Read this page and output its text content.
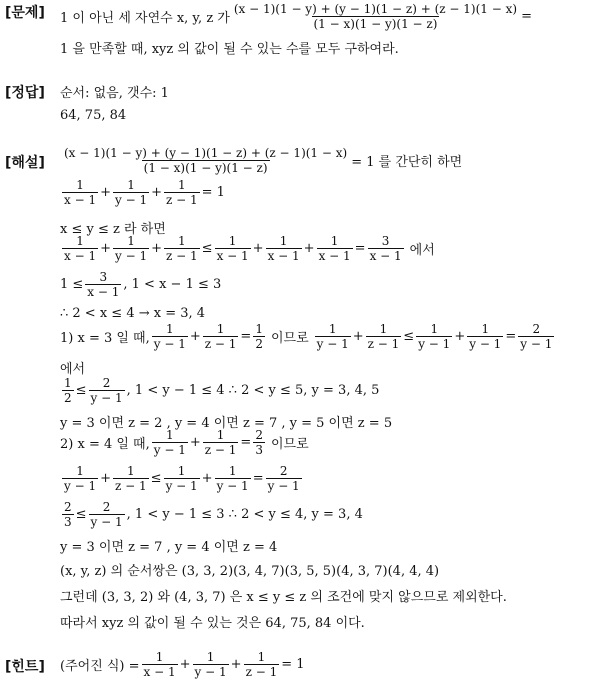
[문제] 1 이 아닌 세 자연수 x, y, z 가 $\frac{(x - 1)(1 - y) + (y - 1)(1 - z) + (z - 1)(1 - x)}{(1 - x)(1 - y)(1 - z)}$ =
1 을 만족할 때, xyz 의 값이 될 수 있는 수를 모두 구하여라.
[정답] 순서: 없음, 갯수: 1
64, 75, 84
[해설] $\frac{(x - 1)(1 - y) + (y - 1)(1 - z) + (z - 1)(1 - x)}{(1 - x)(1 - y)(1 - z)} = 1$ 를 간단히 하면
$\frac{1}{x - 1} + \frac{1}{y - 1} + \frac{1}{z - 1} = 1$
x ≤ y ≤ z 라 하면
$\frac{1}{x - 1} + \frac{1}{y - 1} + \frac{1}{z - 1} \le \frac{1}{x - 1} + \frac{1}{x - 1} + \frac{1}{x - 1} = \frac{3}{x - 1}$ 에서
$1 \le \frac{3}{x - 1}$ , 1 < x − 1 ≤ 3
∴ 2 < x ≤ 4 → x = 3, 4
1) x = 3 일 때, $\frac{1}{y - 1} + \frac{1}{z - 1} = \frac{1}{2}$ 이므로 $\frac{1}{y - 1} + \frac{1}{z - 1} \le \frac{1}{y - 1} + \frac{1}{y - 1} = \frac{2}{y - 1}$
에서
$\frac{1}{2} \le \frac{2}{y - 1}$ , 1 < y − 1 ≤ 4 ∴ 2 < y ≤ 5, y = 3, 4, 5
y = 3 이면 z = 2 , y = 4 이면 z = 7 , y = 5 이면 z = 5
2) x = 4 일 때, $\frac{1}{y - 1} + \frac{1}{z - 1} = \frac{2}{3}$ 이므로
$\frac{1}{y - 1} + \frac{1}{z - 1} \le \frac{1}{y - 1} + \frac{1}{y - 1} = \frac{2}{y - 1}$
$\frac{2}{3} \le \frac{2}{y - 1}$ , 1 < y − 1 ≤ 3 ∴ 2 < y ≤ 4, y = 3, 4
y = 3 이면 z = 7 , y = 4 이면 z = 4
(x, y, z) 의 순서쌍은 (3, 3, 2)(3, 4, 7)(3, 5, 5)(4, 3, 7)(4, 4, 4)
그런데 (3, 3, 2) 와 (4, 3, 7) 은 x ≤ y ≤ z 의 조건에 맞지 않으므로 제외한다.
따라서 xyz 의 값이 될 수 있는 것은 64, 75, 84 이다.
[힌트] (주어진 식) = $\frac{1}{x - 1} + \frac{1}{y - 1} + \frac{1}{z - 1} = 1$
